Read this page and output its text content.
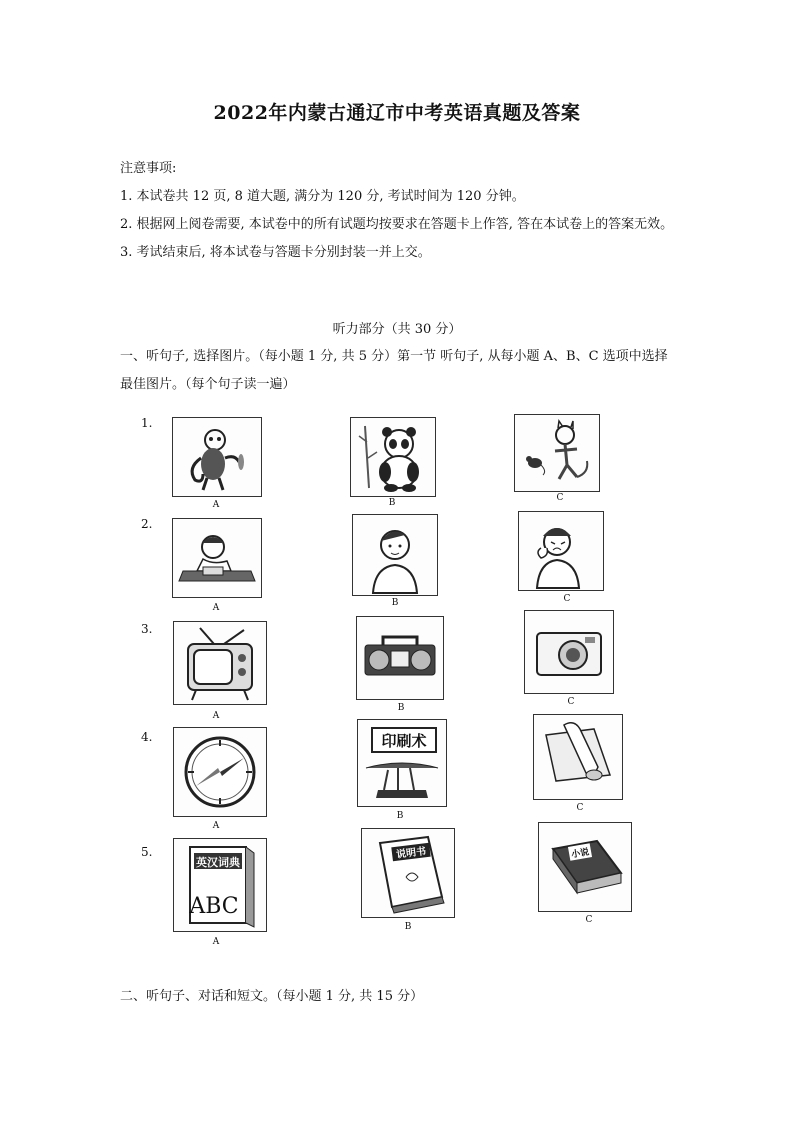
2022年内蒙古通辽市中考英语真题及答案
注意事项:
1. 本试卷共 12 页, 8 道大题, 满分为 120 分, 考试时间为 120 分钟。
2. 根据网上阅卷需要, 本试卷中的所有试题均按要求在答题卡上作答, 答在本试卷上的答案无效。
3. 考试结束后, 将本试卷与答题卡分别封装一并上交。
听力部分（共 30 分）
一、听句子, 选择图片。（每小题 1 分, 共 5 分）第一节 听句子, 从每小题 A、B、C 选项中选择最佳图片。（每个句子读一遍）
1.
A	B	C
2.
A	B	C
3.
A
B
C
4.
A
印刷术
B
C
5.
英汉词典
ABC
A
说明书
B
小说
C
二、听句子、对话和短文。（每小题 1 分, 共 15 分）
